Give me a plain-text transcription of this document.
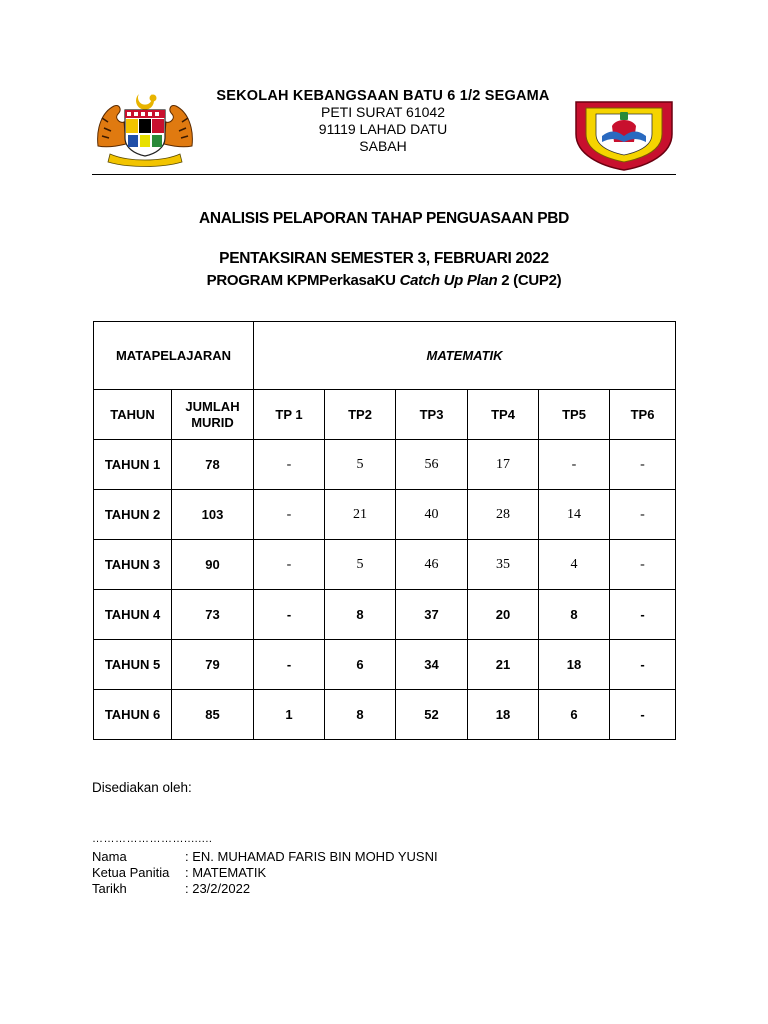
SEKOLAH KEBANGSAAN BATU 6 1/2 SEGAMA
PETI SURAT 61042
91119 LAHAD DATU
SABAH
ANALISIS PELAPORAN TAHAP PENGUASAAN PBD
PENTAKSIRAN SEMESTER 3, FEBRUARI 2022
PROGRAM KPMPerkasaKU Catch Up Plan 2 (CUP2)
MATAPELAJARAN		MATEMATIK					
TAHUN	JUMLAH MURID	TP 1	TP2	TP3	TP4	TP5	TP6
TAHUN 1	78	-	5	56	17	-	-
TAHUN 2	103	-	21	40	28	14	-
TAHUN 3	90	-	5	46	35	4	-
TAHUN 4	73	-	8	37	20	8	-
TAHUN 5	79	-	6	34	21	18	-
TAHUN 6	85	1	8	52	18	6	-
Disediakan oleh:
……………………........
Nama	: EN. MUHAMAD FARIS BIN MOHD YUSNI
Ketua Panitia : MATEMATIK
Tarikh	: 23/2/2022
